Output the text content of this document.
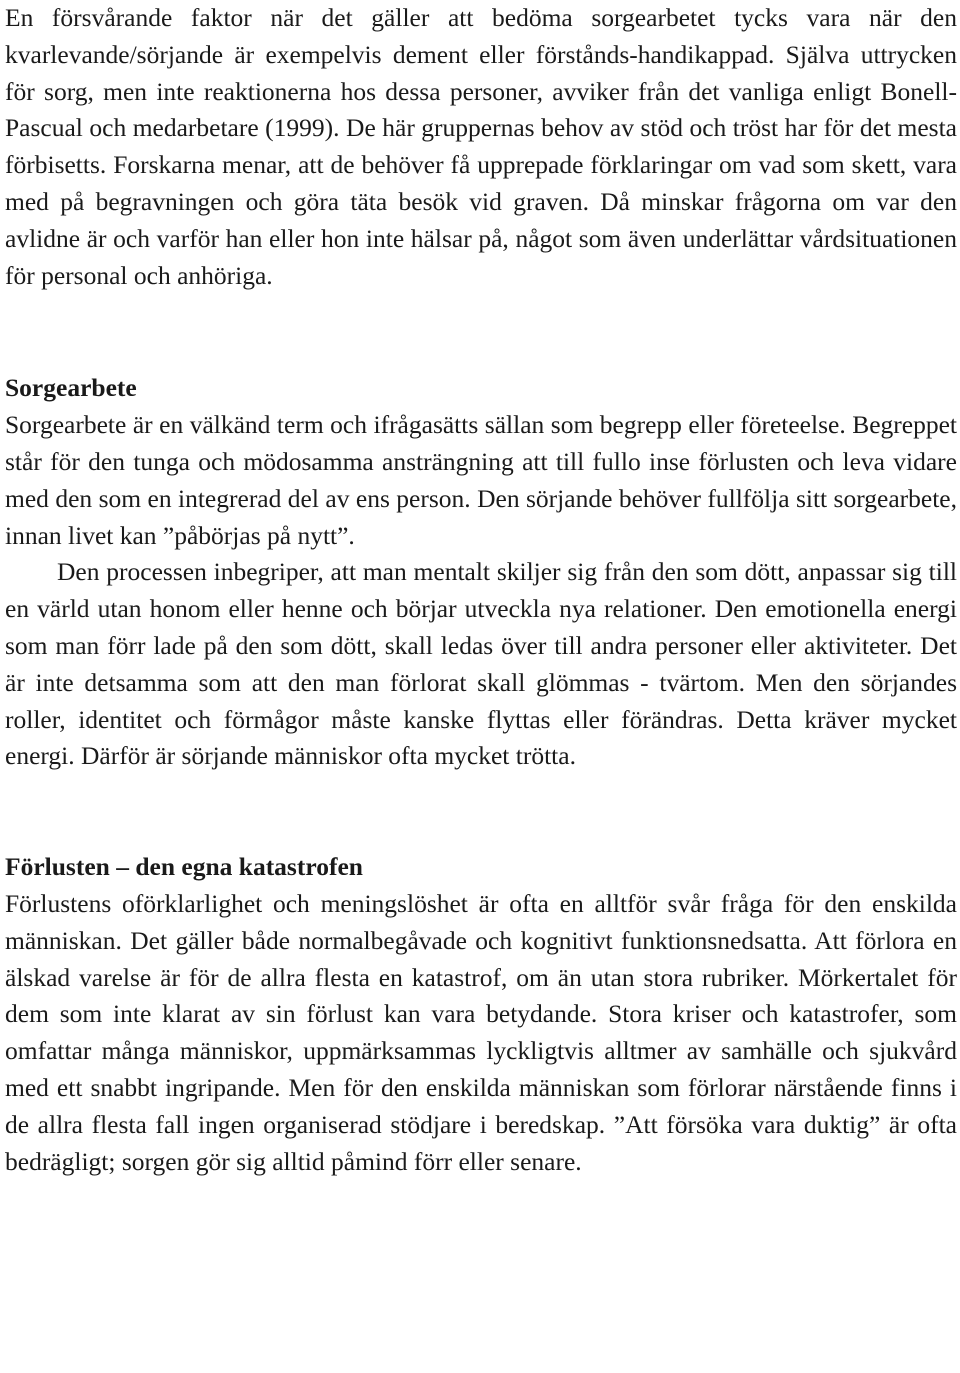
En försvårande faktor när det gäller att bedöma sorgearbetet tycks vara när den kvarlevande/sörjande är exempelvis dement eller förstånds-handikappad. Själva uttrycken för sorg, men inte reaktionerna hos dessa personer, avviker från det vanliga enligt Bonell-Pascual och medarbetare (1999). De här gruppernas behov av stöd och tröst har för det mesta förbisetts. Forskarna menar, att de behöver få upprepade förklaringar om vad som skett, vara med på begravningen och göra täta besök vid graven. Då minskar frågorna om var den avlidne är och varför han eller hon inte hälsar på, något som även underlättar vårdsituationen för personal och anhöriga.

Sorgearbete

Sorgearbete är en välkänd term och ifrågasätts sällan som begrepp eller företeelse. Begreppet står för den tunga och mödosamma ansträngning att till fullo inse förlusten och leva vidare med den som en integrerad del av ens person. Den sörjande behöver fullfölja sitt sorgearbete, innan livet kan ”påbörjas på nytt”.

Den processen inbegriper, att man mentalt skiljer sig från den som dött, anpassar sig till en värld utan honom eller henne och börjar utveckla nya relationer. Den emotionella energi som man förr lade på den som dött, skall ledas över till andra personer eller aktiviteter. Det är inte detsamma som att den man förlorat skall glömmas - tvärtom. Men den sörjandes roller, identitet och förmågor måste kanske flyttas eller förändras. Detta kräver mycket energi. Därför är sörjande människor ofta mycket trötta.

Förlusten – den egna katastrofen

Förlustens oförklarlighet och meningslöshet är ofta en alltför svår fråga för den enskilda människan. Det gäller både normalbegåvade och kognitivt funktionsnedsatta. Att förlora en älskad varelse är för de allra flesta en katastrof, om än utan stora rubriker. Mörkertalet för dem som inte klarat av sin förlust kan vara betydande. Stora kriser och katastrofer, som omfattar många människor, uppmärksammas lyckligtvis alltmer av samhälle och sjukvård med ett snabbt ingripande. Men för den enskilda människan som förlorar närstående finns i de allra flesta fall ingen organiserad stödjare i beredskap. ”Att försöka vara duktig” är ofta bedrägligt; sorgen gör sig alltid påmind förr eller senare.
